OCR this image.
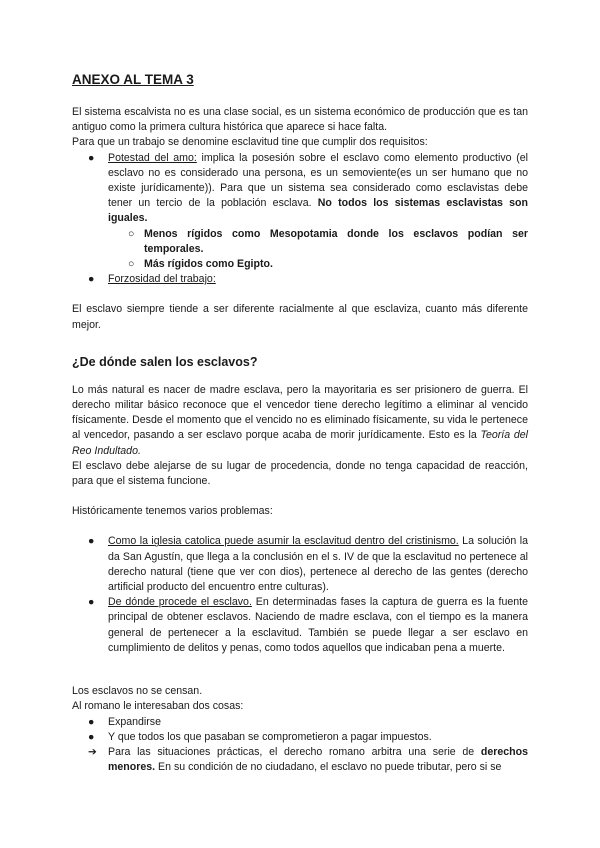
ANEXO AL TEMA 3

El sistema escalvista no es una clase social, es un sistema económico de producción que es tan antiguo como la primera cultura histórica que aparece si hace falta.

Para que un trabajo se denomine esclavitud tine que cumplir dos requisitos:

● Potestad del amo: implica la posesión sobre el esclavo como elemento productivo (el esclavo no es considerado una persona, es un semoviente(es un ser humano que no existe jurídicamente)). Para que un sistema sea considerado como esclavistas debe tener un tercio de la población esclava. No todos los sistemas esclavistas son iguales.
○ Menos rígidos como Mesopotamia donde los esclavos podían ser temporales.
○ Más rígidos como Egipto.
● Forzosidad del trabajo:

El esclavo siempre tiende a ser diferente racialmente al que esclaviza, cuanto más diferente mejor.

¿De dónde salen los esclavos?

Lo más natural es nacer de madre esclava, pero la mayoritaria es ser prisionero de guerra. El derecho militar básico reconoce que el vencedor tiene derecho legítimo a eliminar al vencido físicamente. Desde el momento que el vencido no es eliminado físicamente, su vida le pertenece al vencedor, pasando a ser esclavo porque acaba de morir jurídicamente. Esto es la Teoría del Reo Indultado.

El esclavo debe alejarse de su lugar de procedencia, donde no tenga capacidad de reacción, para que el sistema funcione.

Históricamente tenemos varios problemas:

● Como la iglesia catolica puede asumir la esclavitud dentro del cristinismo. La solución la da San Agustín, que llega a la conclusión en el s. IV de que la esclavitud no pertenece al derecho natural (tiene que ver con dios), pertenece al derecho de las gentes (derecho artificial producto del encuentro entre culturas).
● De dónde procede el esclavo. En determinadas fases la captura de guerra es la fuente principal de obtener esclavos. Naciendo de madre esclava, con el tiempo es la manera general de pertenecer a la esclavitud. También se puede llegar a ser esclavo en cumplimiento de delitos y penas, como todos aquellos que indicaban pena a muerte.

Los esclavos no se censan.

Al romano le interesaban dos cosas:

● Expandirse
● Y que todos los que pasaban se comprometieron a pagar impuestos.
➔ Para las situaciones prácticas, el derecho romano arbitra una serie de derechos menores. En su condición de no ciudadano, el esclavo no puede tributar, pero si se
